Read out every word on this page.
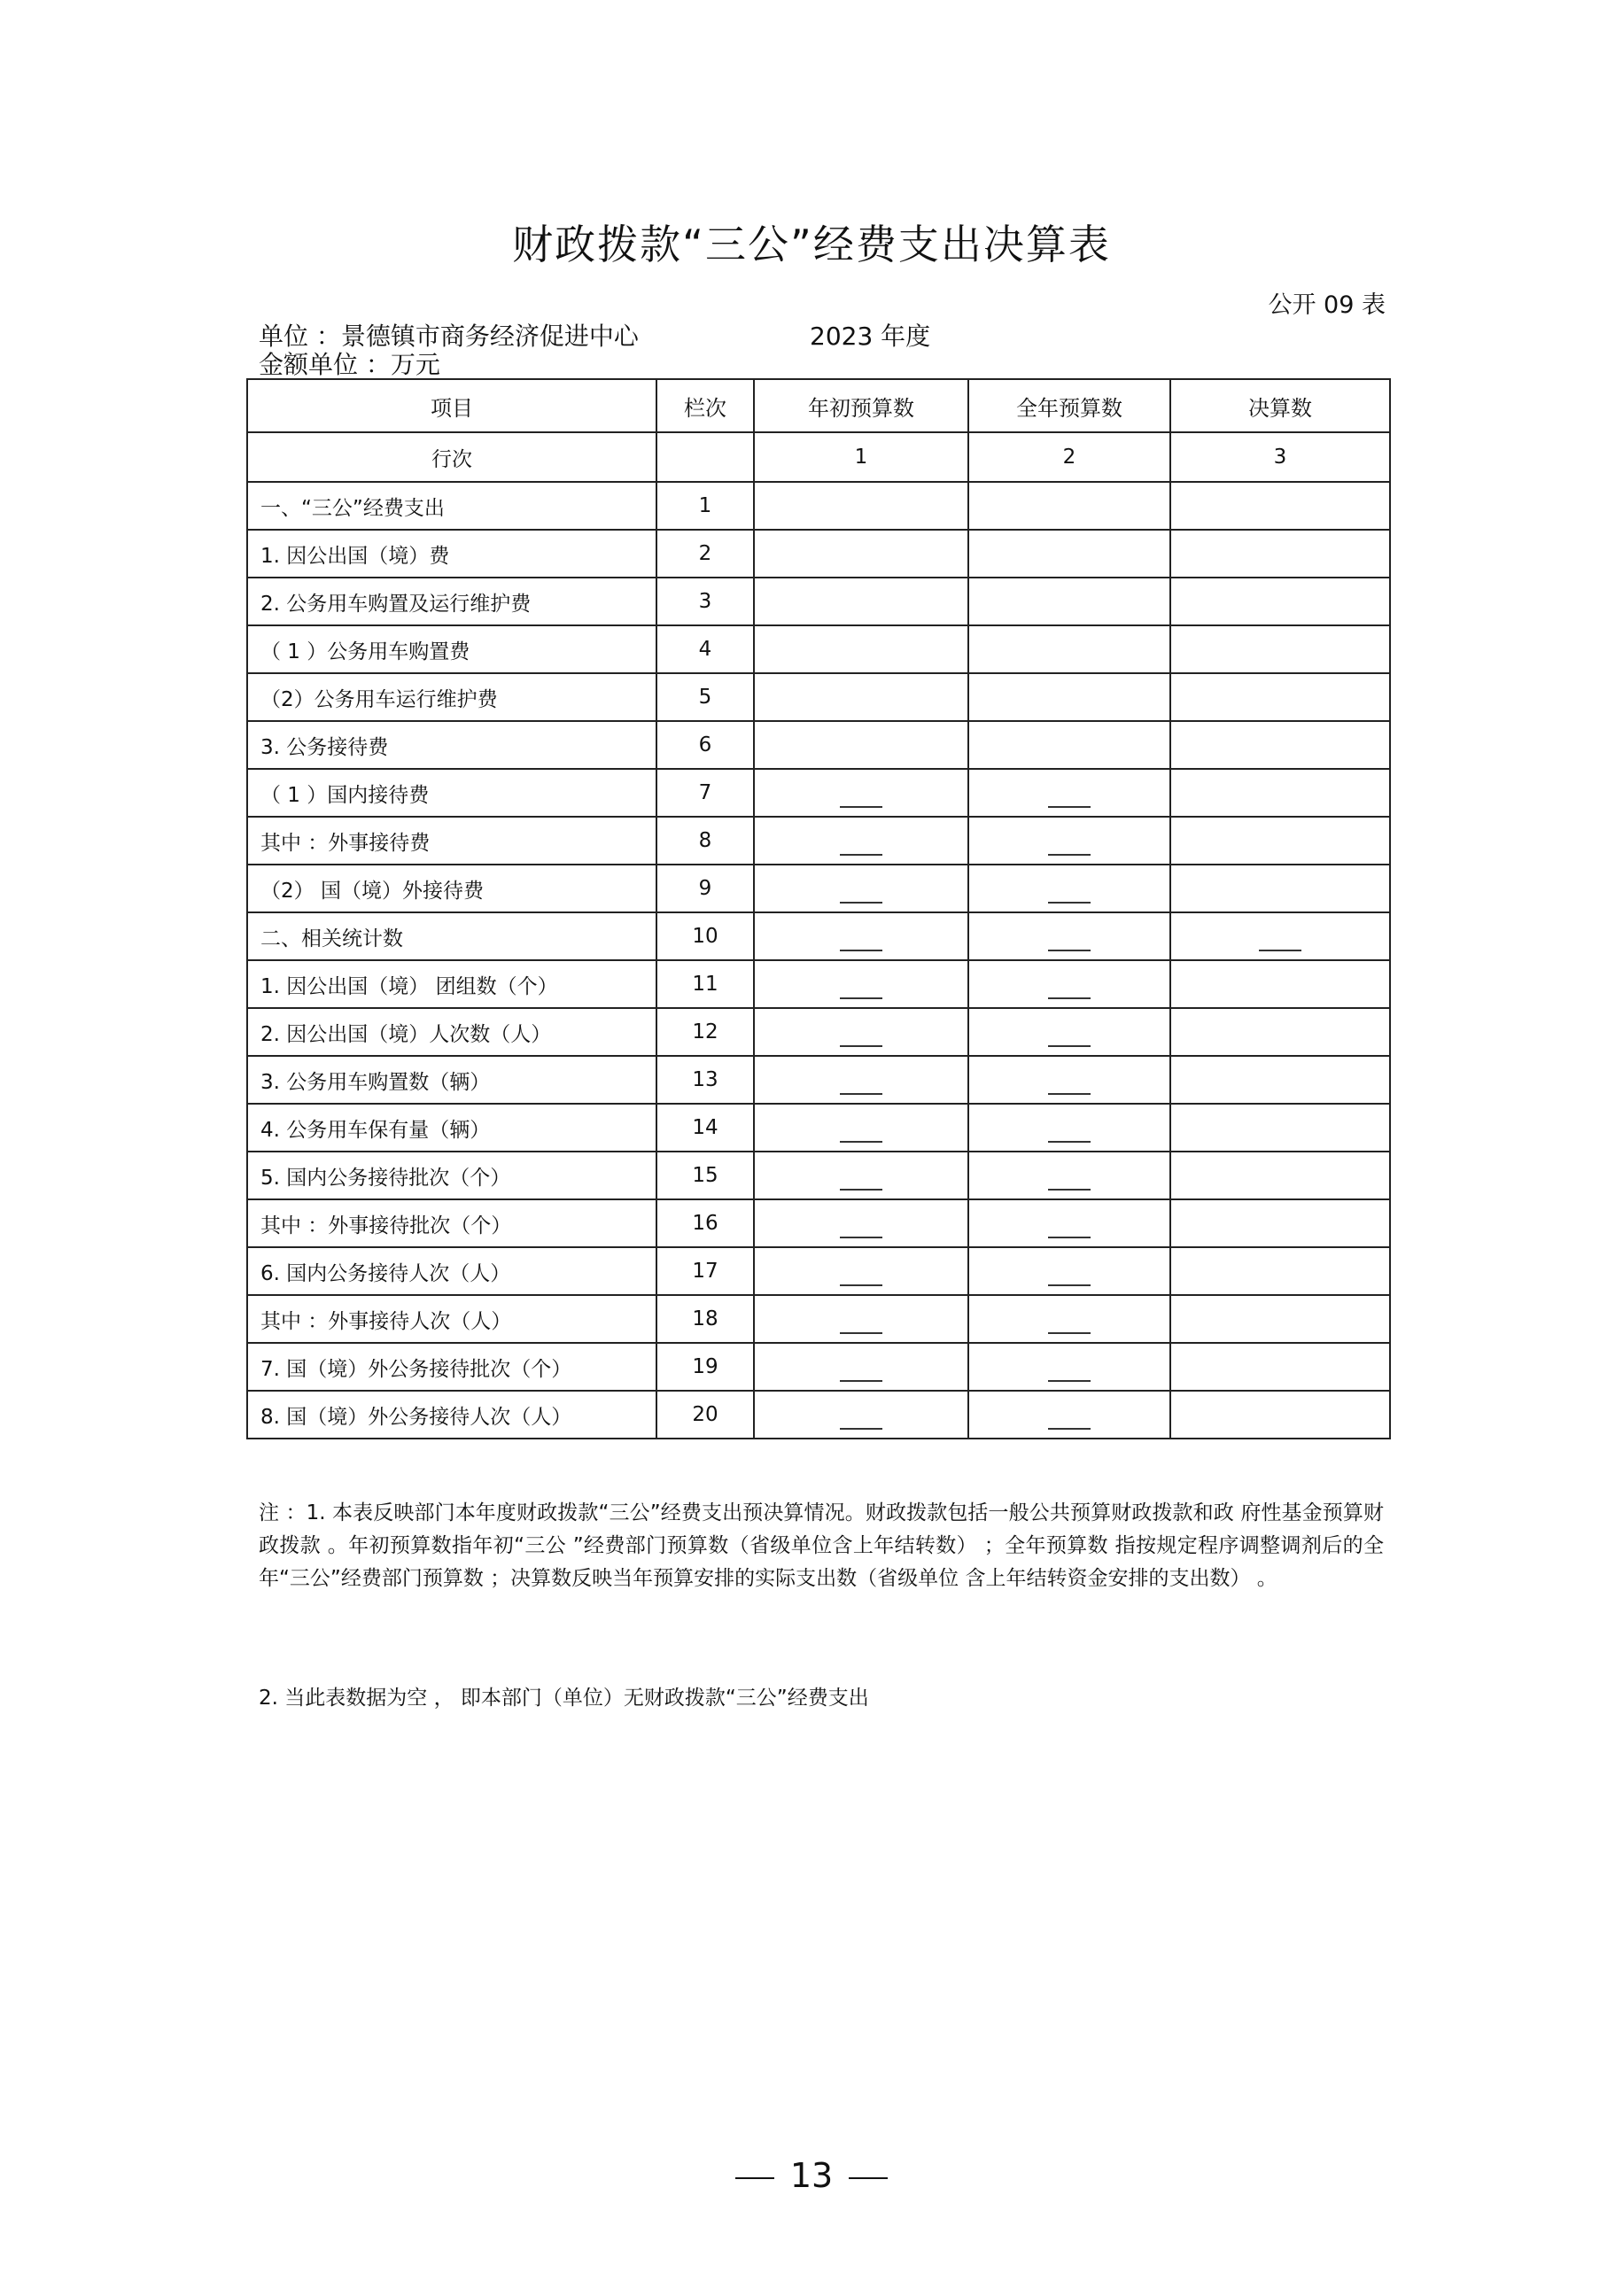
财政拨款“三公”经费支出决算表
公开 09 表
单位 ：景德镇市商务经济促进中心	2023 年度
金额单位 ：万元
项目	栏次	年初预算数	全年预算数	决算数
行次		1	2	3
一、“三公”经费支出	1			
1. 因公出国（境）费	2			
2. 公务用车购置及运行维护费	3			
（ 1 ）公务用车购置费	4			
（2）公务用车运行维护费	5			
3. 公务接待费	6			
（ 1 ）国内接待费	7	

其中 ：外事接待费	8	

（2） 国（境）外接待费	9	

二、相关统计数	10	

1. 因公出国（境） 团组数（个）	11	

2. 因公出国（境）人次数（人）	12	

3. 公务用车购置数（辆）	13	

4. 公务用车保有量（辆）	14	

5. 国内公务接待批次（个）	15	

其中 ：外事接待批次（个）	16	

6. 国内公务接待人次（人）	17	

其中 ：外事接待人次（人）	18	

7. 国（境）外公务接待批次（个）	19	

8. 国（境）外公务接待人次（人）	20	

注 ：1. 本表反映部门本年度财政拨款“三公”经费支出预决算情况。财政拨款包括一般公共预算财政拨款和政 府性基金预算财政拨款 。年初预算数指年初“三公 ”经费部门预算数（省级单位含上年结转数） ；全年预算数 指按规定程序调整调剂后的全年“三公”经费部门预算数 ；决算数反映当年预算安排的实际支出数（省级单位 含上年结转资金安排的支出数） 。
2. 当此表数据为空 ， 即本部门（单位）无财政拨款“三公”经费支出
13
